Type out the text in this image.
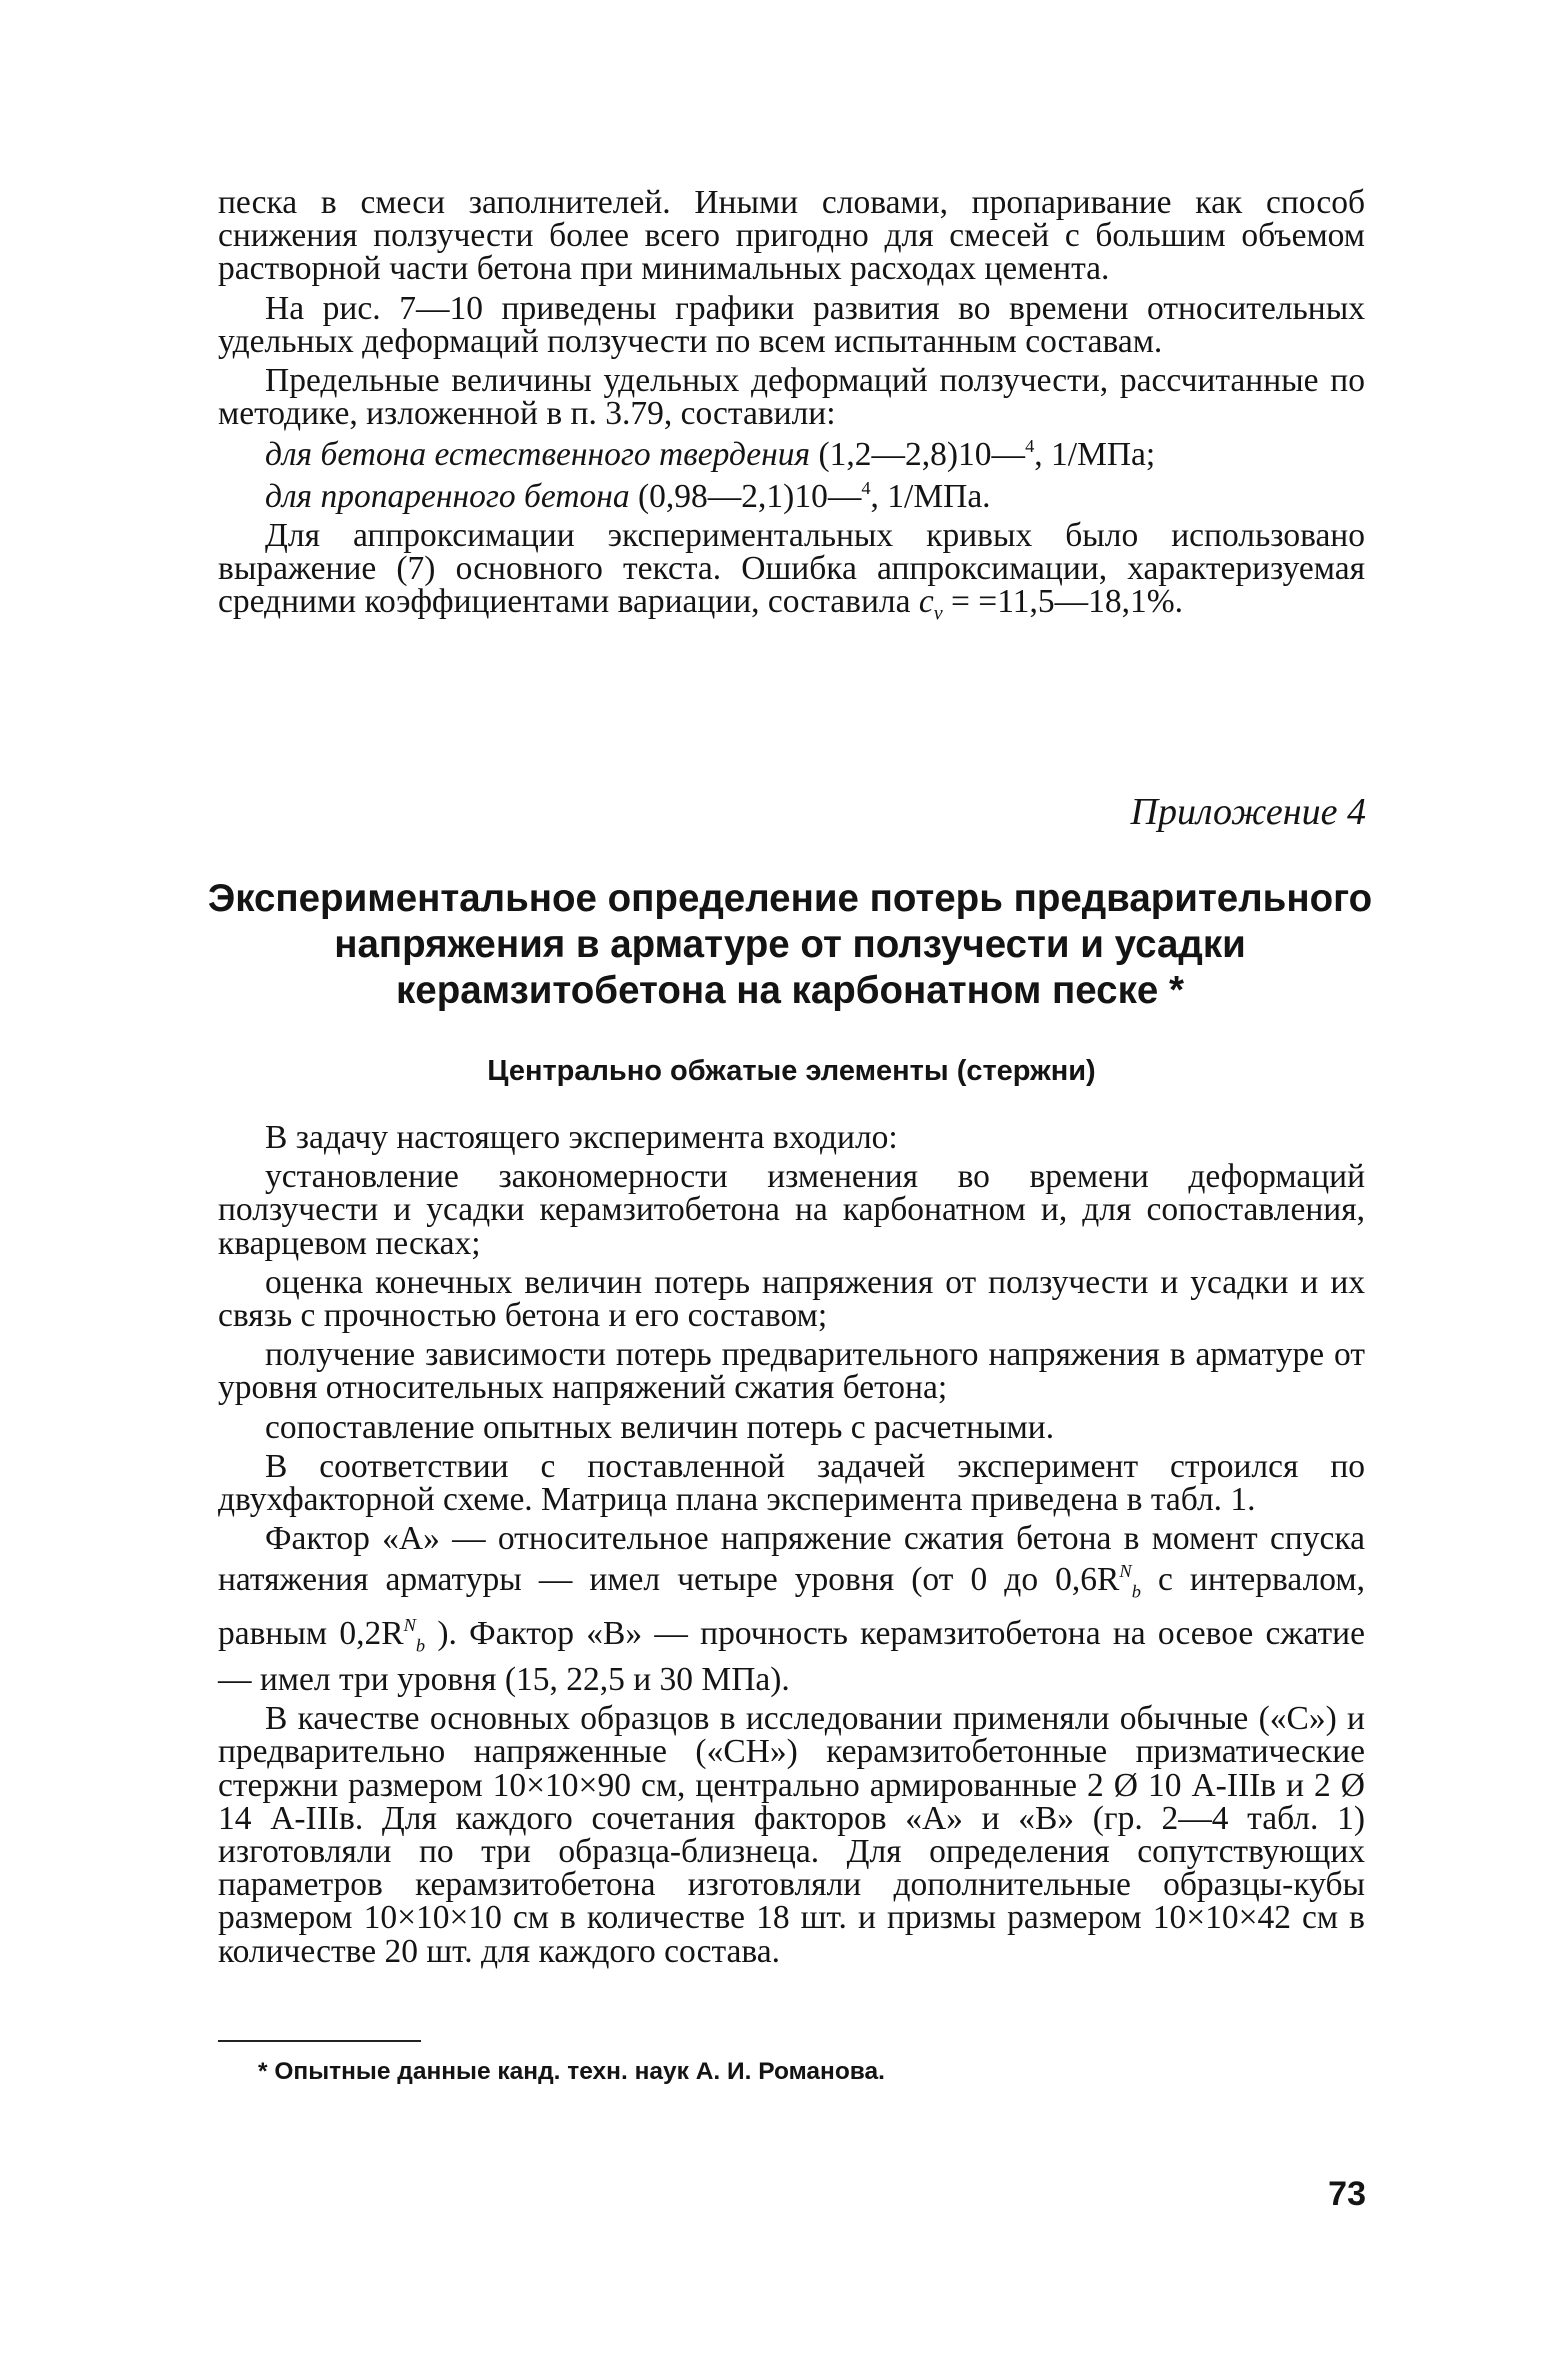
песка в смеси заполнителей. Иными словами, пропаривание как способ снижения ползучести более всего пригодно для смесей с большим объемом растворной части бетона при минимальных расходах цемента.

На рис. 7—10 приведены графики развития во времени относительных удельных деформаций ползучести по всем испытанным составам.

Предельные величины удельных деформаций ползучести, рассчитанные по методике, изложенной в п. 3.79, составили:

для бетона естественного твердения (1,2—2,8)10—$^4$, 1/МПа;
для пропаренного бетона (0,98—2,1)10—$^4$, 1/МПа.

Для аппроксимации экспериментальных кривых было использовано выражение (7) основного текста. Ошибка аппроксимации, характеризуемая средними коэффициентами вариации, составила $c_v$ = =11,5—18,1%.

Приложение 4
Экспериментальное определение потерь предварительного напряжения в арматуре от ползучести и усадки керамзитобетона на карбонатном песке *
Центрально обжатые элементы (стержни)

В задачу настоящего эксперимента входило:

установление закономерности изменения во времени деформаций ползучести и усадки керамзитобетона на карбонатном и, для сопоставления, кварцевом песках;

оценка конечных величин потерь напряжения от ползучести и усадки и их связь с прочностью бетона и его составом;

получение зависимости потерь предварительного напряжения в арматуре от уровня относительных напряжений сжатия бетона;

сопоставление опытных величин потерь с расчетными.

В соответствии с поставленной задачей эксперимент строился по двухфакторной схеме. Матрица плана эксперимента приведена в табл. 1.

Фактор «A» — относительное напряжение сжатия бетона в момент спуска натяжения арматуры — имел четыре уровня (от 0 до $0,6R^N_b$ с интервалом, равным $0,2R^N_b$ ). Фактор «B» — прочность керамзитобетона на осевое сжатие — имел три уровня (15, 22,5 и 30 МПа).

В качестве основных образцов в исследовании применяли обычные («С») и предварительно напряженные («СН») керамзитобетонные призматические стержни размером 10×10×90 см, центрально армированные 2 Ø 10 А-IIIв и 2 Ø 14 А-IIIв. Для каждого сочетания факторов «А» и «В» (гр. 2—4 табл. 1) изготовляли по три образца-близнеца. Для определения сопутствующих параметров керамзитобетона изготовляли дополнительные образцы-кубы размером 10×10×10 см в количестве 18 шт. и призмы размером 10×10×42 см в количестве 20 шт. для каждого состава.

* Опытные данные канд. техн. наук А. И. Романова.
73
